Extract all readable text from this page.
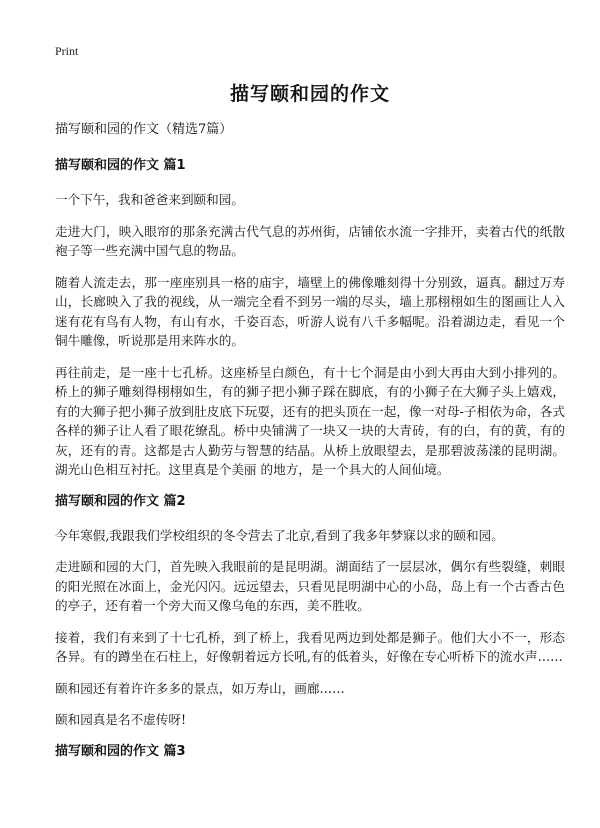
Print
描写颐和园的作文

描写颐和园的作文（精选7篇）

描写颐和园的作文 篇1

一个下午，我和爸爸来到颐和园。

走进大门，映入眼帘的那条充满古代气息的苏州街，店铺依水流一字排开，卖着古代的纸散袍子等一些充满中国气息的物品。

随着人流走去，那一座座别具一格的庙宇，墙壁上的佛像雕刻得十分别致，逼真。翻过万寿山，长廊映入了我的视线，从一端完全看不到另一端的尽头，墙上那栩栩如生的图画让人入迷有花有鸟有人物，有山有水，千姿百态，听游人说有八千多幅呢。沿着湖边走，看见一个铜牛雕像，听说那是用来阵水的。

再往前走，是一座十七孔桥。这座桥呈白颜色，有十七个洞是由小到大再由大到小排列的。桥上的狮子雕刻得栩栩如生，有的狮子把小狮子踩在脚底，有的小狮子在大狮子头上嬉戏，有的大狮子把小狮子放到肚皮底下玩耍，还有的把头顶在一起，像一对母-子相依为命，各式各样的狮子让人看了眼花缭乱。桥中央铺满了一块又一块的大青砖，有的白，有的黄，有的灰，还有的青。这都是古人勤劳与智慧的结晶。从桥上放眼望去，是那碧波荡漾的昆明湖。湖光山色相互衬托。这里真是个美丽 的地方，是一个具大的人间仙境。

描写颐和园的作文 篇2

今年寒假,我跟我们学校组织的冬令营去了北京,看到了我多年梦寐以求的颐和园。

走进颐和园的大门，首先映入我眼前的是昆明湖。湖面结了一层层冰，偶尔有些裂缝，刺眼的阳光照在冰面上，金光闪闪。远远望去，只看见昆明湖中心的小岛，岛上有一个古香古色的亭子，还有着一个旁大而又像乌龟的东西，美不胜收。

接着，我们有来到了十七孔桥，到了桥上，我看见两边到处都是狮子。他们大小不一，形态各异。有的蹲坐在石柱上，好像朝着远方长吼,有的低着头，好像在专心听桥下的流水声……

颐和园还有着许许多多的景点，如万寿山，画廊……

颐和园真是名不虚传呀!

描写颐和园的作文 篇3
